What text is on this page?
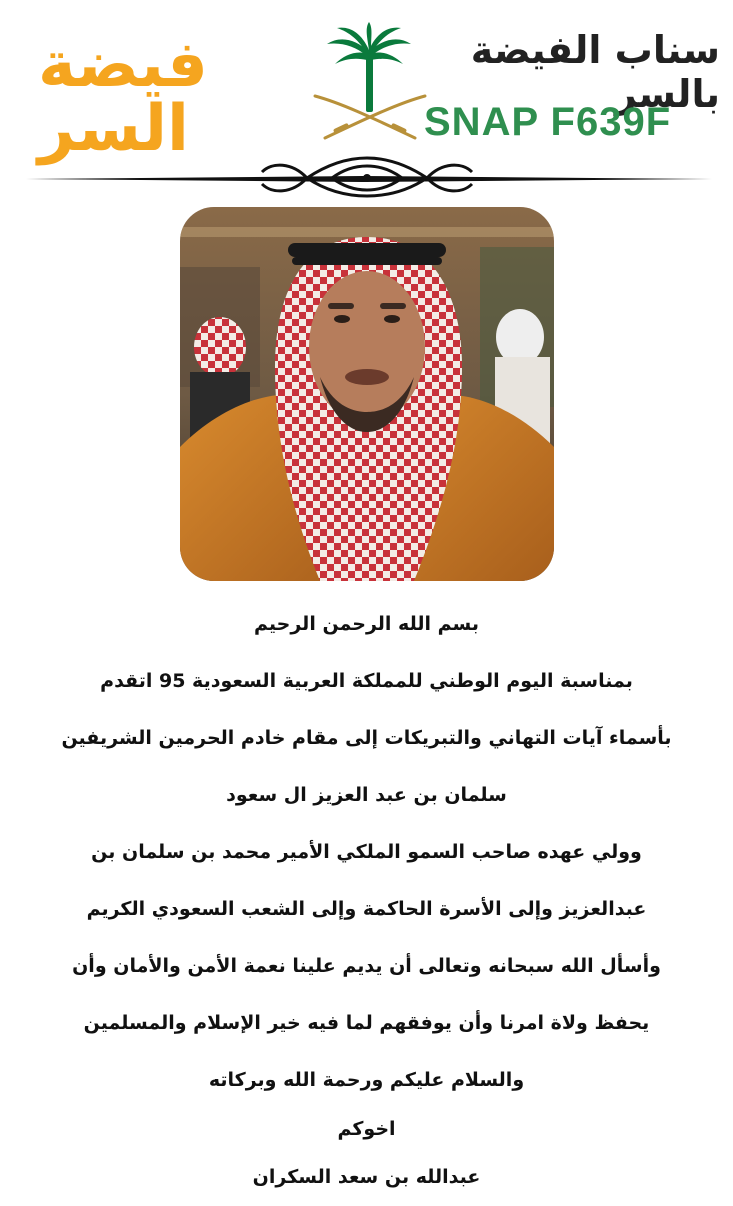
فيضة السر
سناب الفيضة بالسر
SNAP F639F
بسم الله الرحمن الرحيم
بمناسبة اليوم الوطني للمملكة العربية السعودية 95 اتقدم
بأسماء آيات التهاني والتبريكات إلى مقام خادم الحرمين الشريفين
سلمان بن عبد العزيز ال سعود
وولي عهده صاحب السمو الملكي الأمير محمد بن سلمان بن
عبدالعزيز وإلى الأسرة الحاكمة وإلى الشعب السعودي الكريم
وأسأل الله سبحانه وتعالى أن يديم علينا نعمة الأمن والأمان وأن
يحفظ ولاة امرنا وأن يوفقهم لما فيه خير الإسلام والمسلمين
والسلام عليكم ورحمة الله وبركاته
اخوكم
عبدالله بن سعد السكران
